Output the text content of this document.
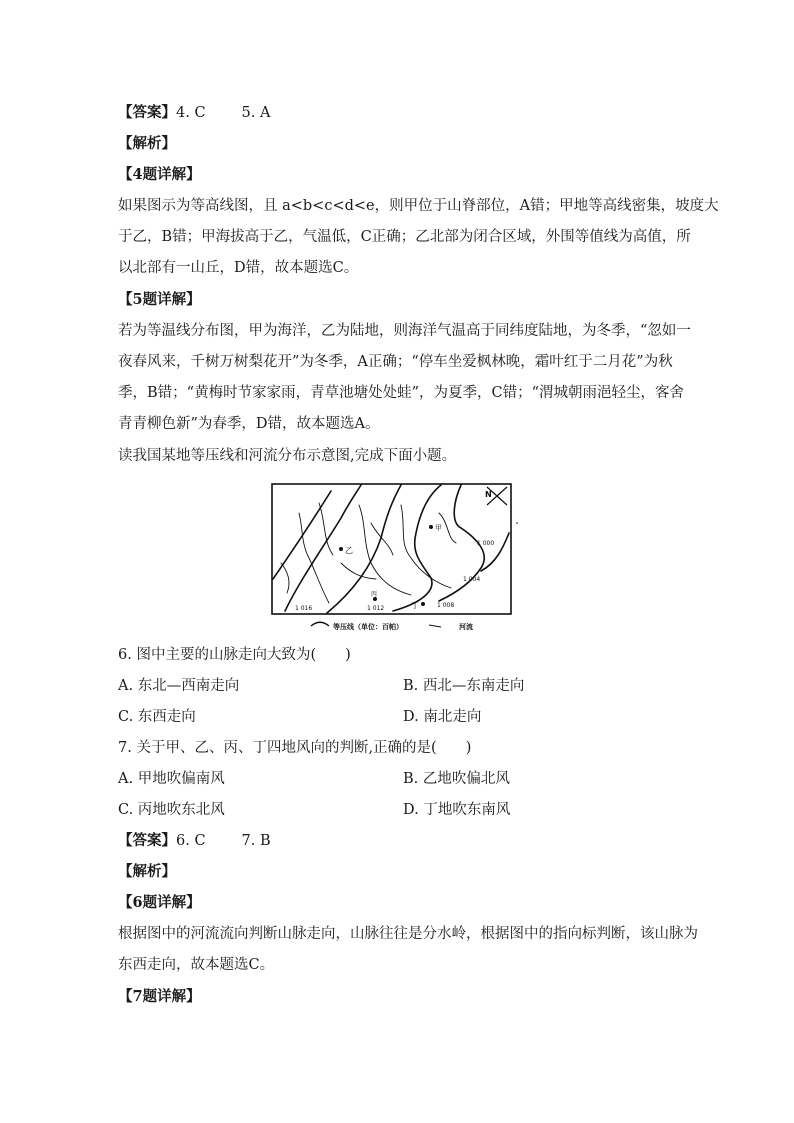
【答案】4. C 5. A
【解析】
【4题详解】
如果图示为等高线图，且 a<b<c<d<e，则甲位于山脊部位，A错；甲地等高线密集，坡度大
于乙，B错；甲海拔高于乙，气温低，C正确；乙北部为闭合区域，外围等值线为高值，所
以北部有一山丘，D错，故本题选C。
【5题详解】
若为等温线分布图，甲为海洋，乙为陆地，则海洋气温高于同纬度陆地，为冬季，“忽如一
夜春风来，千树万树梨花开”为冬季，A正确；“停车坐爱枫林晚，霜叶红于二月花”为秋
季，B错；“黄梅时节家家雨，青草池塘处处蛙”，为夏季，C错；“渭城朝雨浥轻尘，客舍
青青柳色新”为春季，D错，故本题选A。
读我国某地等压线和河流分布示意图,完成下面小题。
N
甲
乙
丙
丁
1 000
1 004
1 008
1 012
1 016
等压线（单位：百帕）	河流
6. 图中主要的山脉走向大致为(　　)
A. 东北—西南走向	B. 西北—东南走向
C. 东西走向	D. 南北走向
7. 关于甲、乙、丙、丁四地风向的判断,正确的是(　　)
A. 甲地吹偏南风	B. 乙地吹偏北风
C. 丙地吹东北风	D. 丁地吹东南风
【答案】6. C 7. B
【解析】
【6题详解】
根据图中的河流流向判断山脉走向，山脉往往是分水岭，根据图中的指向标判断，该山脉为
东西走向，故本题选C。
【7题详解】
